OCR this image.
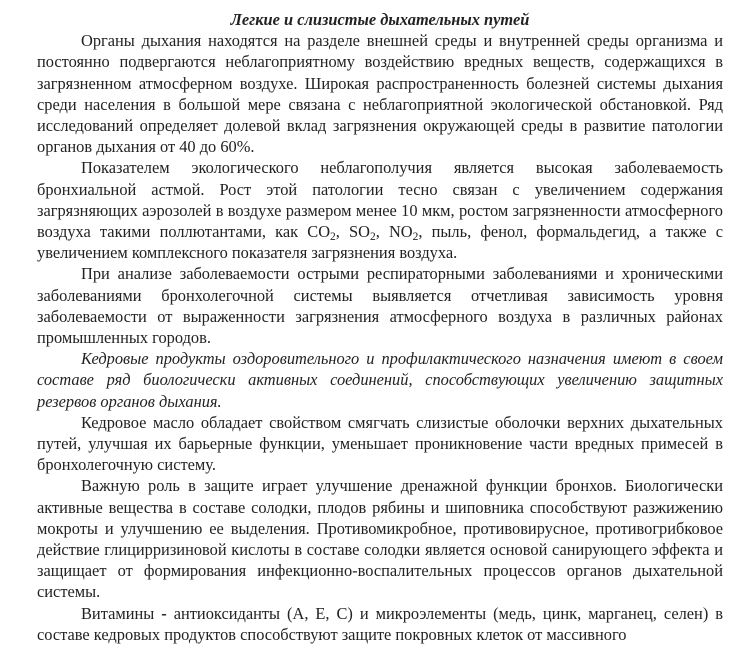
Легкие и слизистые дыхательных путей

Органы дыхания находятся на разделе внешней среды и внутренней среды организма и постоянно подвергаются неблагоприятному воздействию вредных веществ, содержащихся в загрязненном атмосферном воздухе. Широкая распространенность болезней системы дыхания среди населения в большой мере связана с неблагоприятной экологической обстановкой. Ряд исследований определяет долевой вклад загрязнения окружающей среды в развитие патологии органов дыхания от 40 до 60%.

Показателем экологического неблагополучия является высокая заболеваемость бронхиальной астмой. Рост этой патологии тесно связан с увеличением содержания загрязняющих аэрозолей в воздухе размером менее 10 мкм, ростом загрязненности атмосферного воздуха такими поллютантами, как $CO_2$, $SO_2$, $NO_2$, пыль, фенол, формальдегид, а также с увеличением комплексного показателя загрязнения воздуха.

При анализе заболеваемости острыми респираторными заболеваниями и хроническими заболеваниями бронхолегочной системы выявляется отчетливая зависимость уровня заболеваемости от выраженности загрязнения атмосферного воздуха в различных районах промышленных городов.

Кедровые продукты оздоровительного и профилактического назначения имеют в своем составе ряд биологически активных соединений, способствующих увеличению защитных резервов органов дыхания.

Кедровое масло обладает свойством смягчать слизистые оболочки верхних дыхательных путей, улучшая их барьерные функции, уменьшает проникновение части вредных примесей в бронхолегочную систему.

Важную роль в защите играет улучшение дренажной функции бронхов. Биологически активные вещества в составе солодки, плодов рябины и шиповника способствуют разжижению мокроты и улучшению ее выделения. Противомикробное, противовирусное, противогрибковое действие глицирризиновой кислоты в составе солодки является основой санирующего эффекта и защищает от формирования инфекционно-воспалительных процессов органов дыхательной системы.

Витамины - антиоксиданты (А, Е, С) и микроэлементы (медь, цинк, марганец, селен) в составе кедровых продуктов способствуют защите покровных клеток от массивного
